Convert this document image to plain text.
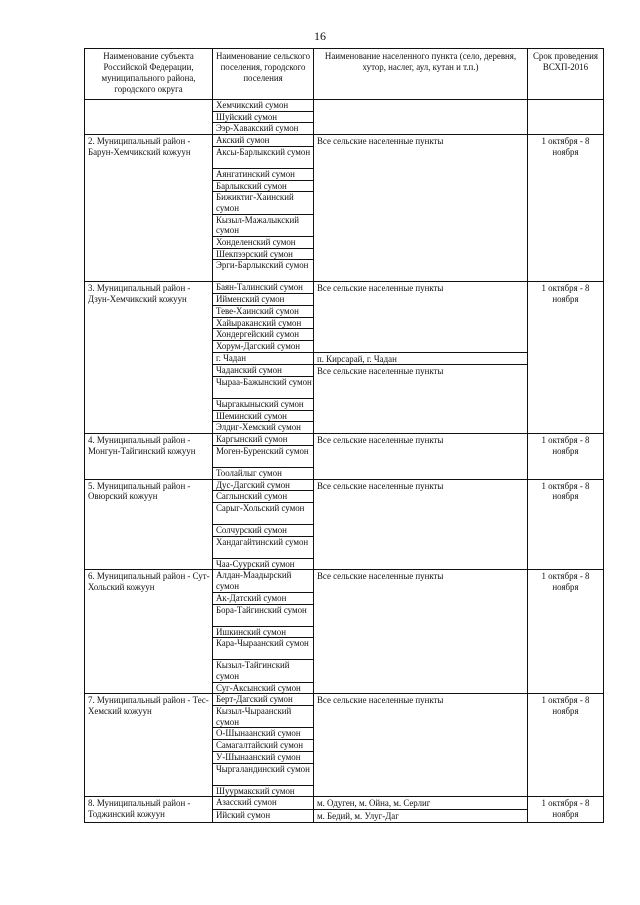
16
Наименование субъекта Российской Федерации, муниципального района, городского округа	Наименование сельского поселения, городского поселения	Наименование населенного пункта (село, деревня, хутор, наслег, аул, кутан и т.п.)	Срок проведения ВСХП-2016
	Хемчикский сумон		
	Шуйский сумон		
	Ээр-Хавакский сумон		
2. Муниципальный район - Барун-Хемчикский кожуун	Акский сумон	Все сельские населенные пункты	1 октября - 8 ноября
	Аксы-Барлыкский сумон		
	Аянгатинский сумон		
	Барлыкский сумон		
	Бижиктиг-Хаинский сумон		
	Кызыл-Мажалыкский сумон		
	Хонделенский сумон		
	Шекпээрский сумон		
	Эрги-Барлыкский сумон		
3. Муниципальный район - Дзун-Хемчикский кожуун	Баян-Талинский сумон	Все сельские населенные пункты	1 октября - 8 ноября
	Ийменский сумон		
	Теве-Хаинский сумон		
	Хайыраканский сумон		
	Хондергейский сумон		
	Хорум-Дагский сумон		
	г. Чадан	п. Кирсарай, г. Чадан	
	Чаданский сумон	Все сельские населенные пункты	
	Чыраа-Бажынский сумон		
	Чыргакыныский сумон		
	Шеминский сумон		
	Элдиг-Хемский сумон		
4. Муниципальный район - Монгун-Тайгинский кожуун	Каргынский сумон	Все сельские населенные пункты	1 октября - 8 ноября
	Моген-Буренский сумон		
	Тоолайлыг сумон		
5. Муниципальный район - Овюрский кожуун	Дус-Дагский сумон	Все сельские населенные пункты	1 октября - 8 ноября
	Саглынский сумон		
	Сарыг-Хольский сумон		
	Солчурский сумон		
	Хандагайтинский сумон		
	Чаа-Суурский сумон		
6. Муниципальный район - Сут-Хольский кожуун	Алдан-Маадырский сумон	Все сельские населенные пункты	1 октября - 8 ноября
	Ак-Датский сумон		
	Бора-Тайгинский сумон		
	Ишкинский сумон		
	Кара-Чыраанский сумон		
	Кызыл-Тайгинский сумон		
	Суг-Аксынский сумон		
7. Муниципальный район - Тес-Хемский кожуун	Берт-Дагский сумон	Все сельские населенные пункты	1 октября - 8 ноября
	Кызыл-Чыраанский сумон		
	О-Шынаанский сумон		
	Самагалтайский сумон		
	У-Шынаанский сумон		
	Чыргаландинский сумон		
	Шуурмакский сумон		
8. Муниципальный район - Тоджинский кожуун	Азасский сумон	м. Одуген, м. Ойна, м. Серлиг	1 октября - 8 ноября
	Ийский сумон	м. Бедий, м. Улуг-Даг	
